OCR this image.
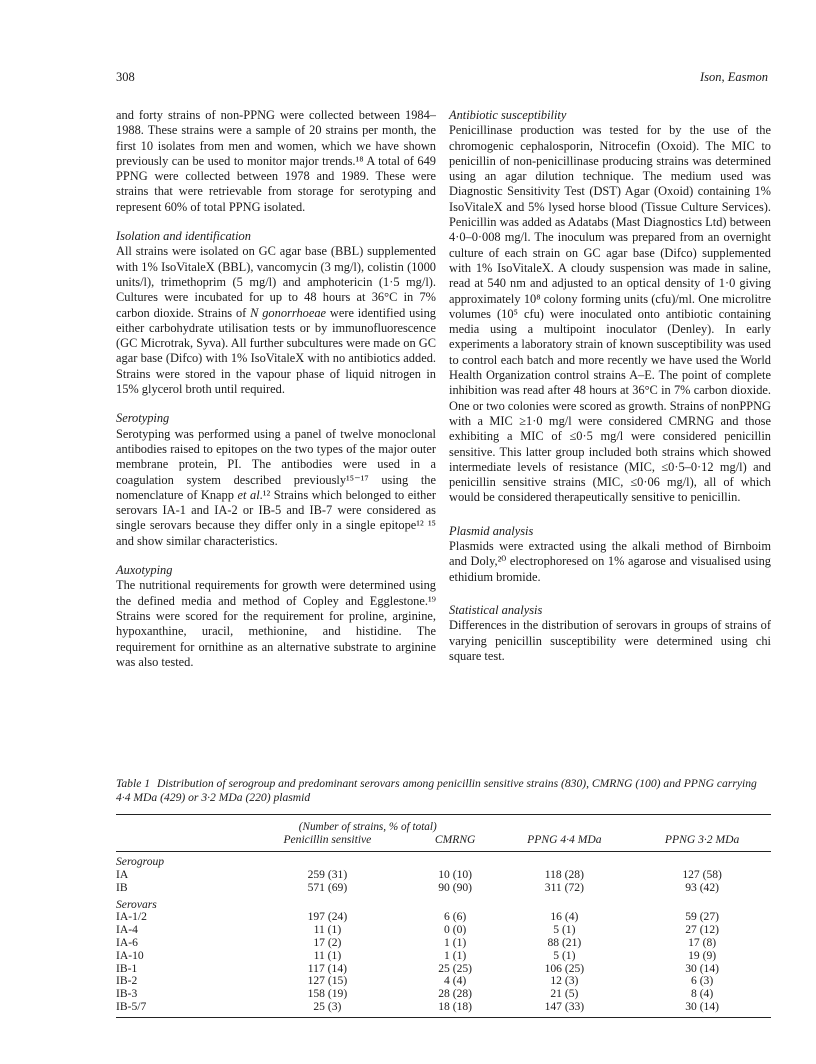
308	Ison, Easmon

and forty strains of non-PPNG were collected between 1984–1988. These strains were a sample of 20 strains per month, the first 10 isolates from men and women, which we have shown previously can be used to monitor major trends.¹⁸ A total of 649 PPNG were collected between 1978 and 1989. These were strains that were retrievable from storage for serotyping and represent 60% of total PPNG isolated.

Isolation and identification

All strains were isolated on GC agar base (BBL) supplemented with 1% IsoVitaleX (BBL), vancomycin (3 mg/l), colistin (1000 units/l), trimethoprim (5 mg/l) and amphotericin (1·5 mg/l). Cultures were incubated for up to 48 hours at 36°C in 7% carbon dioxide. Strains of N gonorrhoeae were identified using either carbohydrate utilisation tests or by immunofluorescence (GC Microtrak, Syva). All further subcultures were made on GC agar base (Difco) with 1% IsoVitaleX with no antibiotics added. Strains were stored in the vapour phase of liquid nitrogen in 15% glycerol broth until required.

Serotyping

Serotyping was performed using a panel of twelve monoclonal antibodies raised to epitopes on the two types of the major outer membrane protein, PI. The antibodies were used in a coagulation system described previously¹⁵⁻¹⁷ using the nomenclature of Knapp et al.¹² Strains which belonged to either serovars IA-1 and IA-2 or IB-5 and IB-7 were considered as single serovars because they differ only in a single epitope¹² ¹⁵ and show similar characteristics.

Auxotyping

The nutritional requirements for growth were determined using the defined media and method of Copley and Egglestone.¹⁹ Strains were scored for the requirement for proline, arginine, hypoxanthine, uracil, methionine, and histidine. The requirement for ornithine as an alternative substrate to arginine was also tested.

Antibiotic susceptibility

Penicillinase production was tested for by the use of the chromogenic cephalosporin, Nitrocefin (Oxoid). The MIC to penicillin of non-penicillinase producing strains was determined using an agar dilution technique. The medium used was Diagnostic Sensitivity Test (DST) Agar (Oxoid) containing 1% IsoVitaleX and 5% lysed horse blood (Tissue Culture Services). Penicillin was added as Adatabs (Mast Diagnostics Ltd) between 4·0–0·008 mg/l. The inoculum was prepared from an overnight culture of each strain on GC agar base (Difco) supplemented with 1% IsoVitaleX. A cloudy suspension was made in saline, read at 540 nm and adjusted to an optical density of 1·0 giving approximately 10⁸ colony forming units (cfu)/ml. One microlitre volumes (10⁵ cfu) were inoculated onto antibiotic containing media using a multipoint inoculator (Denley). In early experiments a laboratory strain of known susceptibility was used to control each batch and more recently we have used the World Health Organization control strains A–E. The point of complete inhibition was read after 48 hours at 36°C in 7% carbon dioxide. One or two colonies were scored as growth. Strains of nonPPNG with a MIC ≥1·0 mg/l were considered CMRNG and those exhibiting a MIC of ≤0·5 mg/l were considered penicillin sensitive. This latter group included both strains which showed intermediate levels of resistance (MIC, ≤0·5–0·12 mg/l) and penicillin sensitive strains (MIC, ≤0·06 mg/l), all of which would be considered therapeutically sensitive to penicillin.

Plasmid analysis

Plasmids were extracted using the alkali method of Birnboim and Doly,²⁰ electrophoresed on 1% agarose and visualised using ethidium bromide.

Statistical analysis

Differences in the distribution of serovars in groups of strains of varying penicillin susceptibility were determined using chi square test.

Table 1 Distribution of serogroup and predominant serovars among penicillin sensitive strains (830), CMRNG (100) and PPNG carrying 4·4 MDa (429) or 3·2 MDa (220) plasmid

	(Number of strains, % of total)			
	Penicillin sensitive	CMRNG	PPNG 4·4 MDa	PPNG 3·2 MDa
Serogroup				
IA	259 (31)	10 (10)	118 (28)	127 (58)
IB	571 (69)	90 (90)	311 (72)	93 (42)
Serovars				
IA-1/2	197 (24)	6 (6)	16 (4)	59 (27)
IA-4	11 (1)	0 (0)	5 (1)	27 (12)
IA-6	17 (2)	1 (1)	88 (21)	17 (8)
IA-10	11 (1)	1 (1)	5 (1)	19 (9)
IB-1	117 (14)	25 (25)	106 (25)	30 (14)
IB-2	127 (15)	4 (4)	12 (3)	6 (3)
IB-3	158 (19)	28 (28)	21 (5)	8 (4)
IB-5/7	25 (3)	18 (18)	147 (33)	30 (14)
